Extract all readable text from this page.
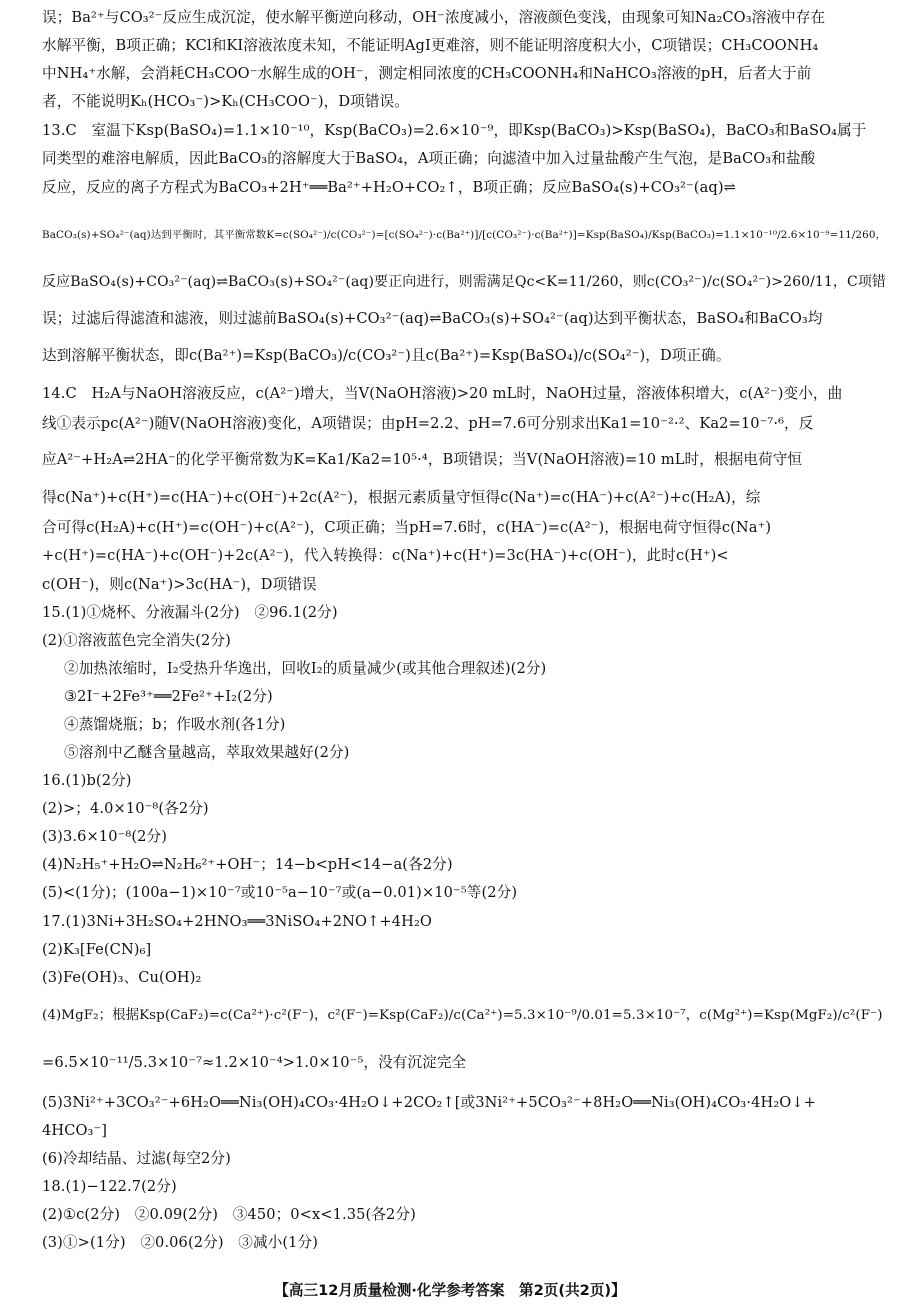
误；Ba²⁺与CO₃²⁻反应生成沉淀，使水解平衡逆向移动，OH⁻浓度减小，溶液颜色变浅，由现象可知Na₂CO₃溶液中存在
水解平衡，B项正确；KCl和KI溶液浓度未知，不能证明AgI更难溶，则不能证明溶度积大小，C项错误；CH₃COONH₄
中NH₄⁺水解，会消耗CH₃COO⁻水解生成的OH⁻，测定相同浓度的CH₃COONH₄和NaHCO₃溶液的pH，后者大于前
者，不能说明Kₕ(HCO₃⁻)>Kₕ(CH₃COO⁻)，D项错误。
13.C　室温下Ksp(BaSO₄)=1.1×10⁻¹⁰，Ksp(BaCO₃)=2.6×10⁻⁹，即Ksp(BaCO₃)>Ksp(BaSO₄)，BaCO₃和BaSO₄属于
同类型的难溶电解质，因此BaCO₃的溶解度大于BaSO₄，A项正确；向滤渣中加入过量盐酸产生气泡，是BaCO₃和盐酸
反应，反应的离子方程式为BaCO₃+2H⁺══Ba²⁺+H₂O+CO₂↑，B项正确；反应BaSO₄(s)+CO₃²⁻(aq)⇌
BaCO₃(s)+SO₄²⁻(aq)达到平衡时，其平衡常数K=c(SO₄²⁻)/c(CO₃²⁻)=[c(SO₄²⁻)·c(Ba²⁺)]/[c(CO₃²⁻)·c(Ba²⁺)]=Ksp(BaSO₄)/Ksp(BaCO₃)=1.1×10⁻¹⁰/2.6×10⁻⁹=11/260，
反应BaSO₄(s)+CO₃²⁻(aq)⇌BaCO₃(s)+SO₄²⁻(aq)要正向进行，则需满足Qc<K=11/260，则c(CO₃²⁻)/c(SO₄²⁻)>260/11，C项错
误；过滤后得滤渣和滤液，则过滤前BaSO₄(s)+CO₃²⁻(aq)⇌BaCO₃(s)+SO₄²⁻(aq)达到平衡状态，BaSO₄和BaCO₃均
达到溶解平衡状态，即c(Ba²⁺)=Ksp(BaCO₃)/c(CO₃²⁻)且c(Ba²⁺)=Ksp(BaSO₄)/c(SO₄²⁻)，D项正确。
14.C　H₂A与NaOH溶液反应，c(A²⁻)增大，当V(NaOH溶液)>20 mL时，NaOH过量，溶液体积增大，c(A²⁻)变小，曲
线①表示pc(A²⁻)随V(NaOH溶液)变化，A项错误；由pH=2.2、pH=7.6可分别求出Ka1=10⁻²·²、Ka2=10⁻⁷·⁶，反
应A²⁻+H₂A⇌2HA⁻的化学平衡常数为K=Ka1/Ka2=10⁵·⁴，B项错误；当V(NaOH溶液)=10 mL时，根据电荷守恒
得c(Na⁺)+c(H⁺)=c(HA⁻)+c(OH⁻)+2c(A²⁻)，根据元素质量守恒得c(Na⁺)=c(HA⁻)+c(A²⁻)+c(H₂A)，综
合可得c(H₂A)+c(H⁺)=c(OH⁻)+c(A²⁻)，C项正确；当pH=7.6时，c(HA⁻)=c(A²⁻)，根据电荷守恒得c(Na⁺)
+c(H⁺)=c(HA⁻)+c(OH⁻)+2c(A²⁻)，代入转换得：c(Na⁺)+c(H⁺)=3c(HA⁻)+c(OH⁻)，此时c(H⁺)<
c(OH⁻)，则c(Na⁺)>3c(HA⁻)，D项错误
15.(1)①烧杯、分液漏斗(2分)　②96.1(2分)
(2)①溶液蓝色完全消失(2分)
②加热浓缩时，I₂受热升华逸出，回收I₂的质量减少(或其他合理叙述)(2分)
③2I⁻+2Fe³⁺══2Fe²⁺+I₂(2分)
④蒸馏烧瓶；b；作吸水剂(各1分)
⑤溶剂中乙醚含量越高，萃取效果越好(2分)
16.(1)b(2分)
(2)>；4.0×10⁻⁸(各2分)
(3)3.6×10⁻⁸(2分)
(4)N₂H₅⁺+H₂O⇌N₂H₆²⁺+OH⁻；14−b<pH<14−a(各2分)
(5)<(1分)；(100a−1)×10⁻⁷或10⁻⁵a−10⁻⁷或(a−0.01)×10⁻⁵等(2分)
17.(1)3Ni+3H₂SO₄+2HNO₃══3NiSO₄+2NO↑+4H₂O
(2)K₃[Fe(CN)₆]
(3)Fe(OH)₃、Cu(OH)₂
(4)MgF₂；根据Ksp(CaF₂)=c(Ca²⁺)·c²(F⁻)，c²(F⁻)=Ksp(CaF₂)/c(Ca²⁺)=5.3×10⁻⁹/0.01=5.3×10⁻⁷，c(Mg²⁺)=Ksp(MgF₂)/c²(F⁻)
=6.5×10⁻¹¹/5.3×10⁻⁷≈1.2×10⁻⁴>1.0×10⁻⁵，没有沉淀完全
(5)3Ni²⁺+3CO₃²⁻+6H₂O══Ni₃(OH)₄CO₃·4H₂O↓+2CO₂↑[或3Ni²⁺+5CO₃²⁻+8H₂O══Ni₃(OH)₄CO₃·4H₂O↓+
4HCO₃⁻]
(6)冷却结晶、过滤(每空2分)
18.(1)−122.7(2分)
(2)①c(2分)　②0.09(2分)　③450；0<x<1.35(各2分)
(3)①>(1分)　②0.06(2分)　③减小(1分)
【高三12月质量检测·化学参考答案　第2页(共2页)】
